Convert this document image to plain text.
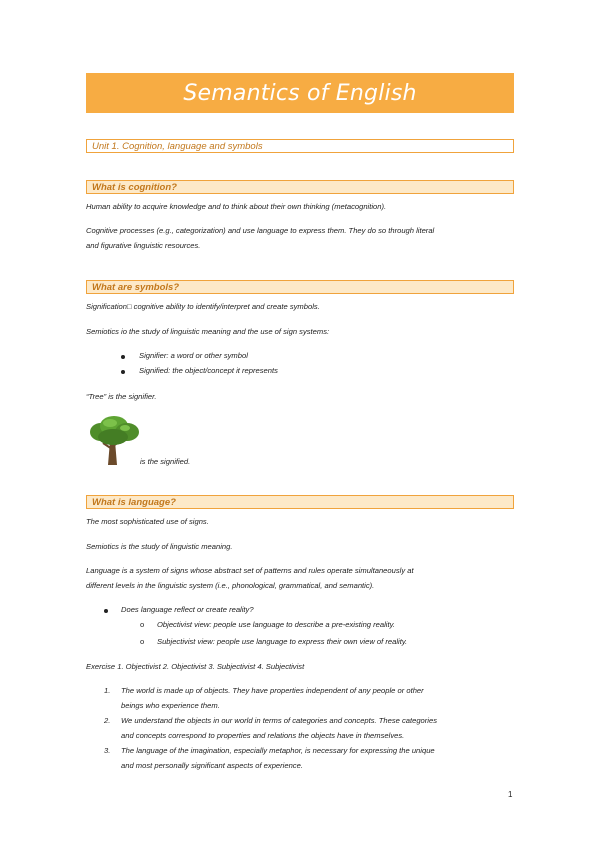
Semantics of English
Unit 1. Cognition, language and symbols
What is cognition?
Human ability to acquire knowledge and to think about their own thinking (metacognition).
Cognitive processes (e.g., categorization) and use language to express them. They do so through literal
and figurative linguistic resources.
What are symbols?
Signification□ cognitive ability to identify/interpret and create symbols.
Semiotics io the study of linguistic meaning and the use of sign systems:
Signifier: a word or other symbol
Signified: the object/concept it represents
“Tree” is the signifier.
is the signified.
What is language?
The most sophisticated use of signs.
Semiotics is the study of linguistic meaning.
Language is a system of signs whose abstract set of patterns and rules operate simultaneously at
different levels in the linguistic system (i.e., phonological, grammatical, and semantic).
Does language reflect or create reality?
o Objectivist view: people use language to describe a pre-existing reality.
o Subjectivist view: people use language to express their own view of reality.
Exercise 1. Objectivist 2. Objectivist 3. Subjectivist 4. Subjectivist
1. The world is made up of objects. They have properties independent of any people or other
beings who experience them.
2. We understand the objects in our world in terms of categories and concepts. These categories
and concepts correspond to properties and relations the objects have in themselves.
3. The language of the imagination, especially metaphor, is necessary for expressing the unique
and most personally significant aspects of experience.
1
